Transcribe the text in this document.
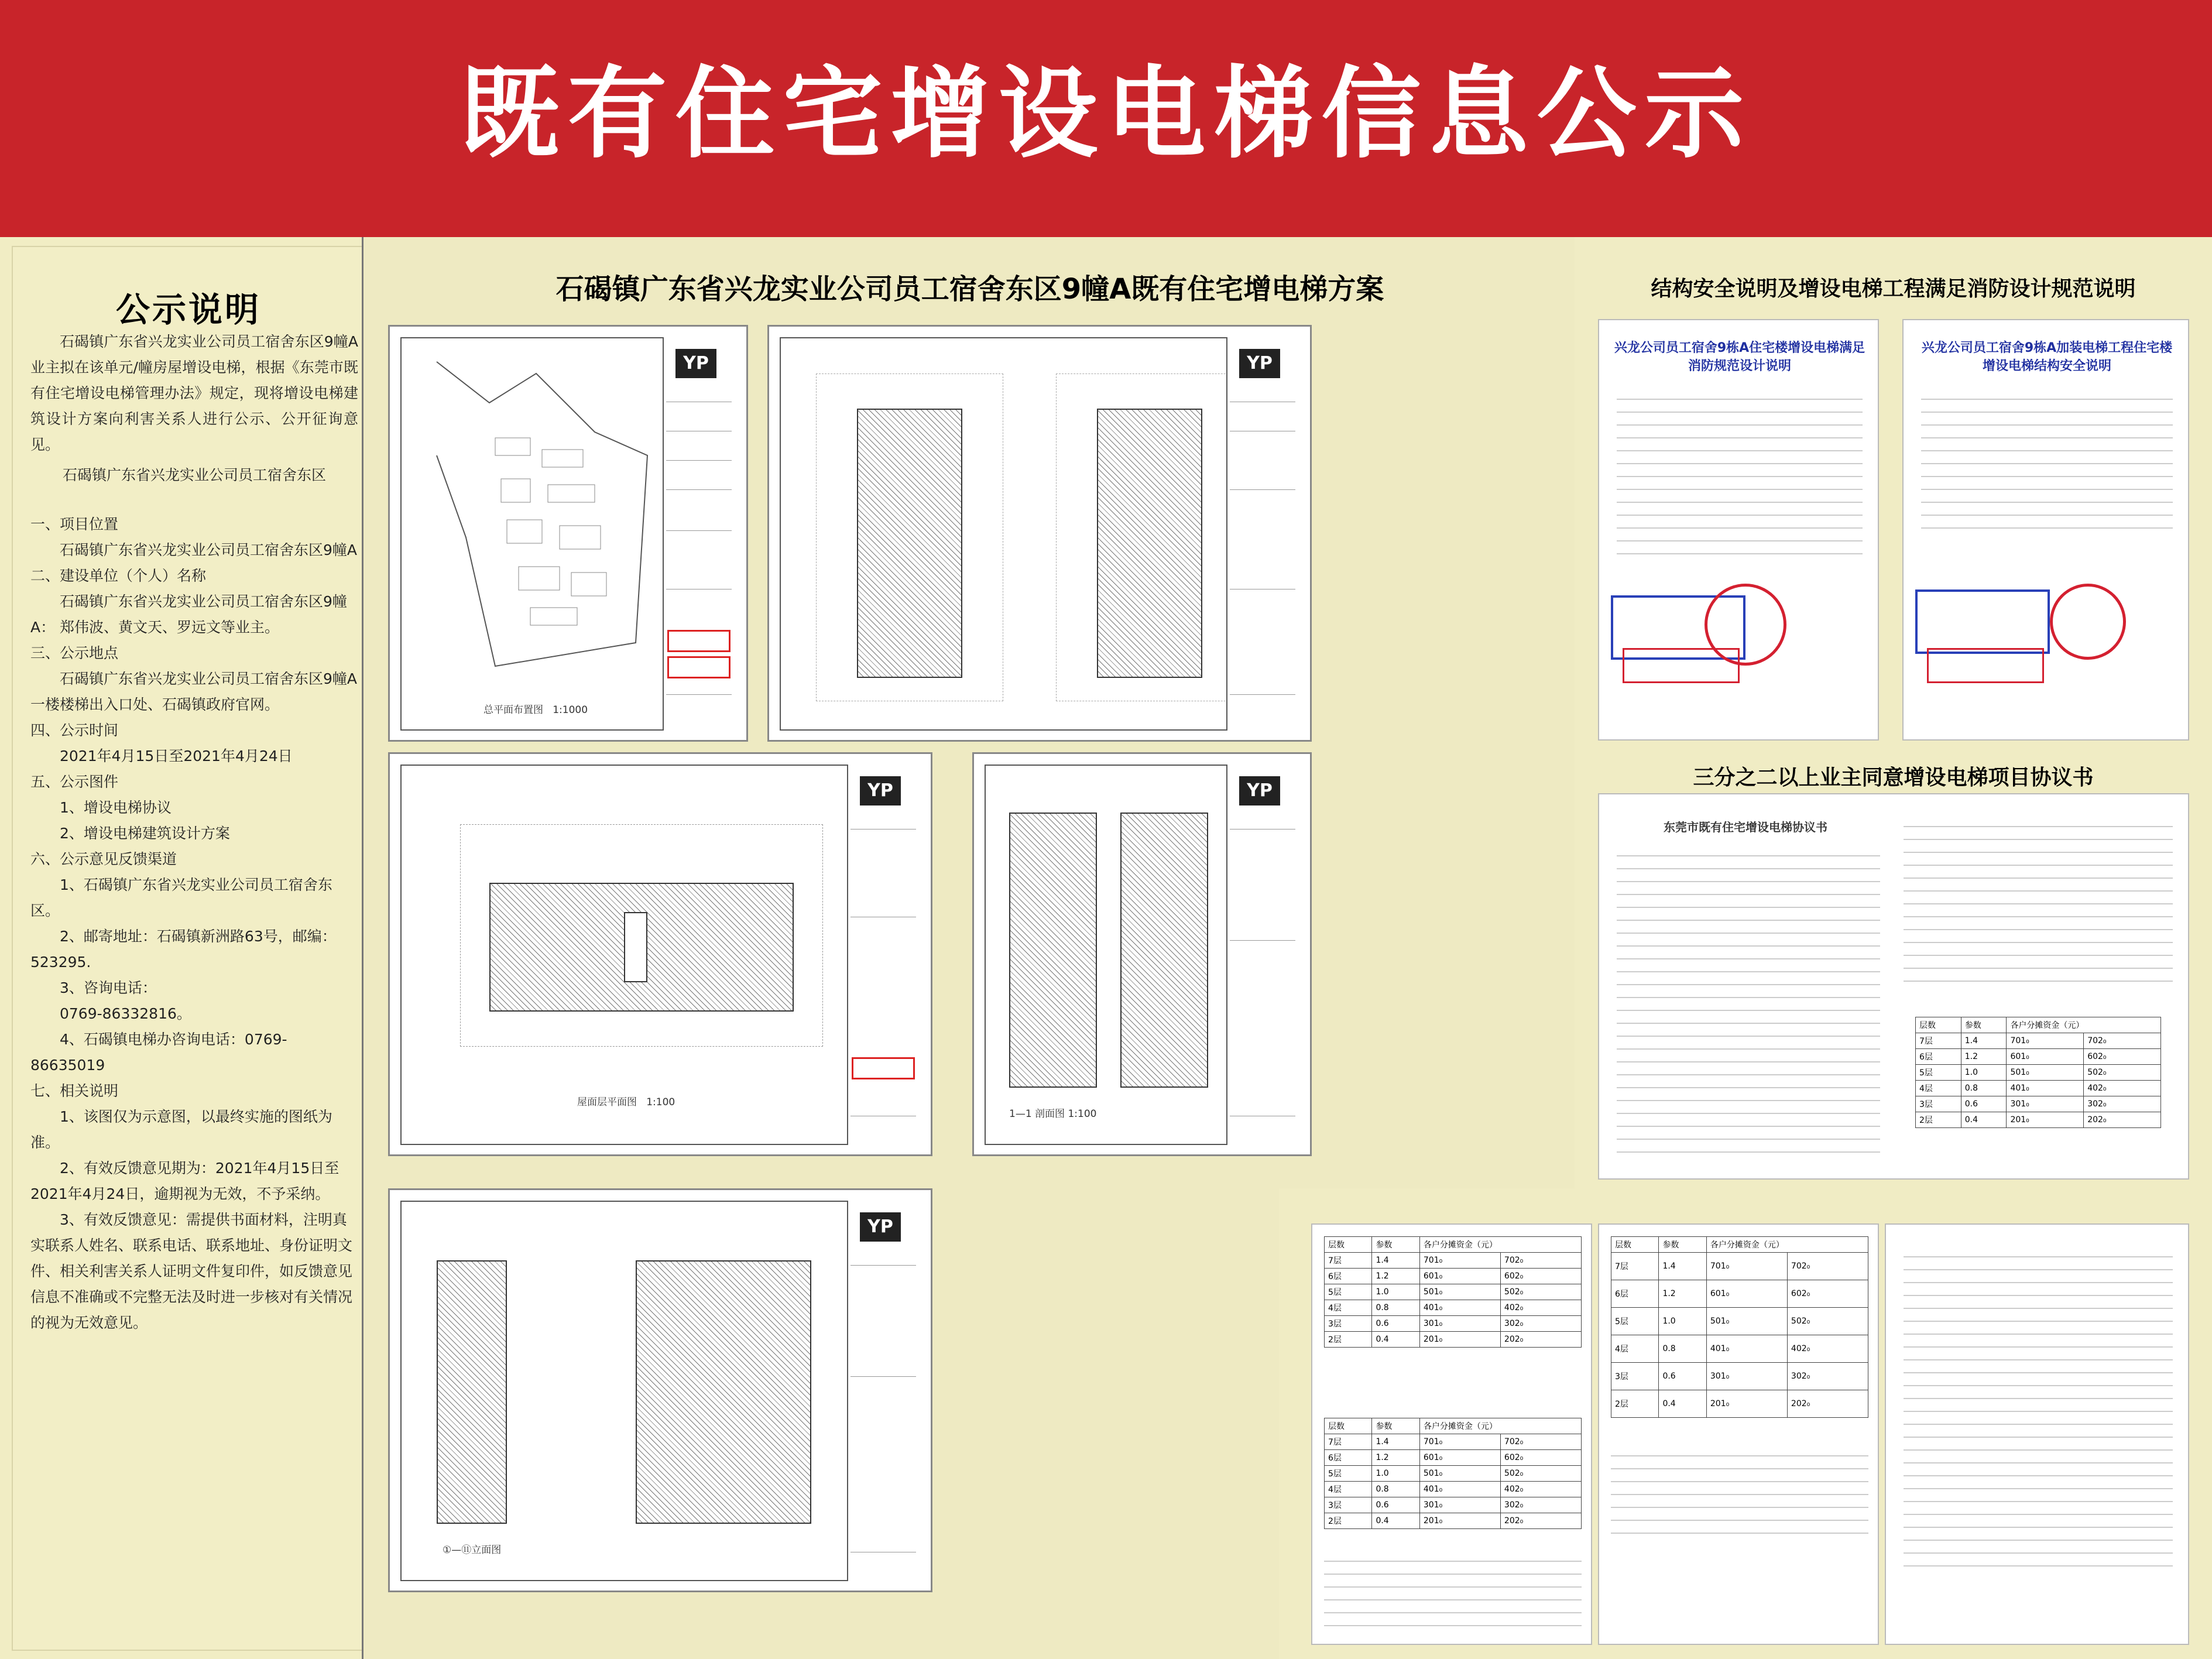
既有住宅增设电梯信息公示
公示说明
石碣镇广东省兴龙实业公司员工宿舍东区9幢A业主拟在该单元/幢房屋增设电梯，根据《东莞市既有住宅增设电梯管理办法》规定，现将增设电梯建筑设计方案向利害关系人进行公示、公开征询意见。
石碣镇广东省兴龙实业公司员工宿舍东区
一、项目位置
石碣镇广东省兴龙实业公司员工宿舍东区9幢A
二、建设单位（个人）名称
石碣镇广东省兴龙实业公司员工宿舍东区9幢A： 郑伟波、黄文天、罗远文等业主。
三、公示地点
石碣镇广东省兴龙实业公司员工宿舍东区9幢A一楼楼梯出入口处、石碣镇政府官网。
四、公示时间
2021年4月15日至2021年4月24日
五、公示图件
1、增设电梯协议
2、增设电梯建筑设计方案
六、公示意见反馈渠道
1、石碣镇广东省兴龙实业公司员工宿舍东区。
2、邮寄地址：石碣镇新洲路63号，邮编：523295.
3、咨询电话：
0769-86332816。
4、石碣镇电梯办咨询电话：0769-86635019
七、相关说明
1、该图仅为示意图，以最终实施的图纸为准。
2、有效反馈意见期为：2021年4月15日至2021年4月24日，逾期视为无效，不予采纳。
3、有效反馈意见：需提供书面材料，注明真实联系人姓名、联系电话、联系地址、身份证明文件、相关利害关系人证明文件复印件，如反馈意见信息不准确或不完整无法及时进一步核对有关情况的视为无效意见。
石碣镇广东省兴龙实业公司员工宿舍东区9幢A既有住宅增电梯方案
总平面布置图 1:1000
YP	YP
屋面层平面图 1:100
YP
1—1 剖面图 1:100
YP
①—⑪立面图
YP
结构安全说明及增设电梯工程满足消防设计规范说明
兴龙公司员工宿舍9栋A住宅楼增设电梯满足消防规范设计说明
兴龙公司员工宿舍9栋A加装电梯工程住宅楼增设电梯结构安全说明
三分之二以上业主同意增设电梯项目协议书
东莞市既有住宅增设电梯协议书
层数	参数	各户分摊资金（元）	
7层	1.4	701₀	702₀
6层	1.2	601₀	602₀
5层	1.0	501₀	502₀
4层	0.8	401₀	402₀
3层	0.6	301₀	302₀
2层	0.4	201₀	202₀
层数	参数	各户分摊资金（元）	
7层	1.4	701₀	702₀
6层	1.2	601₀	602₀
5层	1.0	501₀	502₀
4层	0.8	401₀	402₀
3层	0.6	301₀	302₀
2层	0.4	201₀	202₀
层数	参数	各户分摊资金（元）	
7层	1.4	701₀	702₀
6层	1.2	601₀	602₀
5层	1.0	501₀	502₀
4层	0.8	401₀	402₀
3层	0.6	301₀	302₀
2层	0.4	201₀	202₀
层数	参数	各户分摊资金（元）	
7层	1.4	701₀	702₀
6层	1.2	601₀	602₀
5层	1.0	501₀	502₀
4层	0.8	401₀	402₀
3层	0.6	301₀	302₀
2层	0.4	201₀	202₀
